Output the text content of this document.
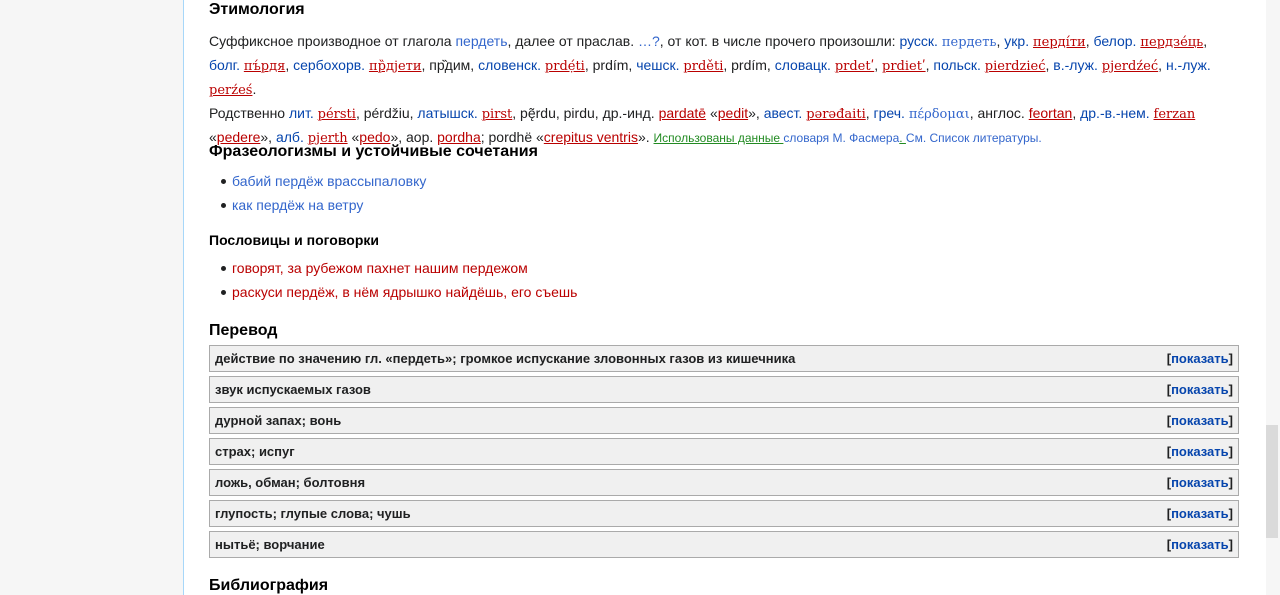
Этимология
Суффиксное производное от глагола пердеть, далее от праслав. …?, от кот. в числе прочего произошли: русск. пердеть, укр. перді́ти, белор. пердзе́ць,
болг. пъ́рдя, сербохорв. пр̏дjети, пр̏дим, словенск. prdẹ́ti, prdím, чешск. prděti, prdím, словацк. prdetʹ, prdietʹ, польск. pierdzieć, в.-луж. pjerdźeć, н.-луж. pеrźeś.
Родственно лит. pérsti, pérdžiu, латышск. pirst, pę̃rdu, pirdu, др.-инд. pardatē «pedit», авест. pərəđaiti, греч. πέρδομαι, англос. feortan, др.-в.-нем. ferzan
«pedere», алб. pjerth «pedo», аор. pordha; pordhë «crepitus ventris». Использованы данные словаря М. Фасмера. См. Список литературы.
Фразеологизмы и устойчивые сочетания
бабий пердёж врассыпаловку
как пердёж на ветру
Пословицы и поговорки
говорят, за рубежом пахнет нашим пердежом
раскуси пердёж, в нём ядрышко найдёшь, его съешь
Перевод
действие по значению гл. «пердеть»; громкое испускание зловонных газов из кишечника	[показать]
звук испускаемых газов	[показать]
дурной запах; вонь	[показать]
страх; испуг	[показать]
ложь, обман; болтовня	[показать]
глупость; глупые слова; чушь	[показать]
нытьё; ворчание	[показать]
Библиография
